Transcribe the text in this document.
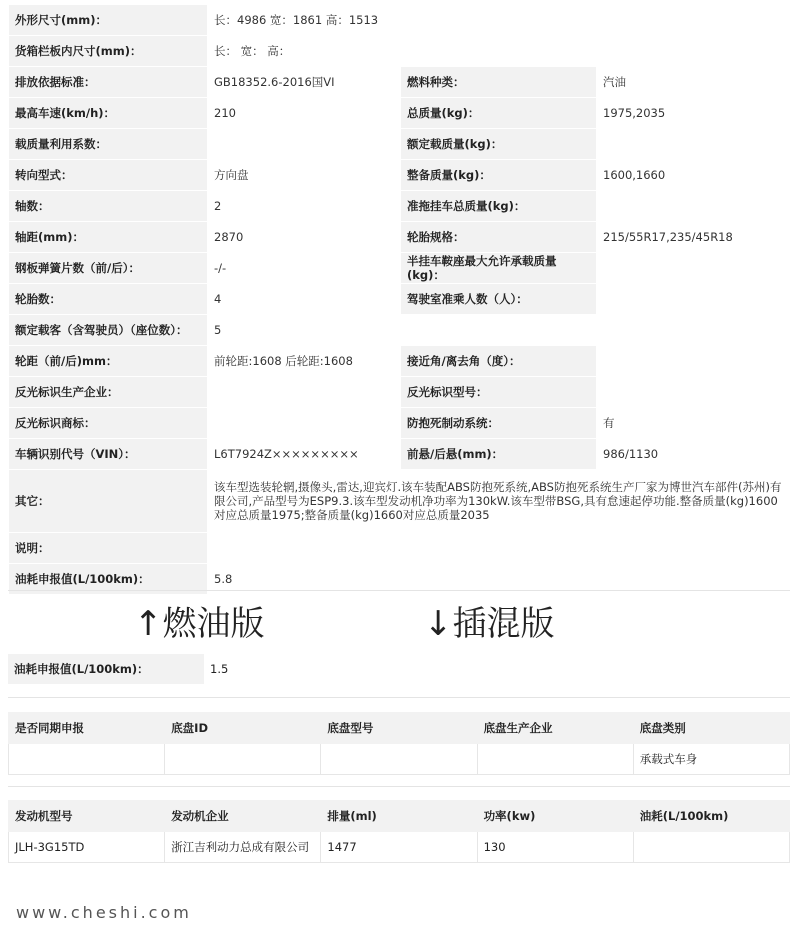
外形尺寸(mm)：	长：4986 宽：1861 高：1513		
货箱栏板内尺寸(mm)：	长： 宽： 高：		
排放依据标准：	GB18352.6-2016国VI	燃料种类：	汽油
最高车速(km/h)：	210	总质量(kg)：	1975,2035
载质量利用系数：		额定载质量(kg)：	
转向型式：	方向盘	整备质量(kg)：	1600,1660
轴数：	2	准拖挂车总质量(kg)：	
轴距(mm)：	2870	轮胎规格：	215/55R17,235/45R18
钢板弹簧片数（前/后）：	-/-	半挂车鞍座最大允许承载质量(kg)：	
轮胎数：	4	驾驶室准乘人数（人）：	
额定载客（含驾驶员）（座位数）：	5		
轮距（前/后)mm：	前轮距:1608 后轮距:1608	接近角/离去角（度）：	
反光标识生产企业：		反光标识型号：	
反光标识商标：		防抱死制动系统：	有
车辆识别代号（VIN）：	L6T7924Z×××××××××	前悬/后悬(mm)：	986/1130
其它：	该车型选装轮辋,摄像头,雷达,迎宾灯.该车装配ABS防抱死系统,ABS防抱死系统生产厂家为博世汽车部件(苏州)有限公司,产品型号为ESP9.3.该车型发动机净功率为130kW.该车型带BSG,具有怠速起停功能.整备质量(kg)1600对应总质量1975;整备质量(kg)1660对应总质量2035		
说明：			
油耗申报值(L/100km)：	5.8		
↑燃油版	↓插混版
油耗申报值(L/100km)：	1.5
是否同期申报	底盘ID	底盘型号	底盘生产企业	底盘类别
				承载式车身
发动机型号	发动机企业	排量(ml)	功率(kw)	油耗(L/100km)
JLH-3G15TD	浙江吉利动力总成有限公司	1477	130	
www.cheshi.com
